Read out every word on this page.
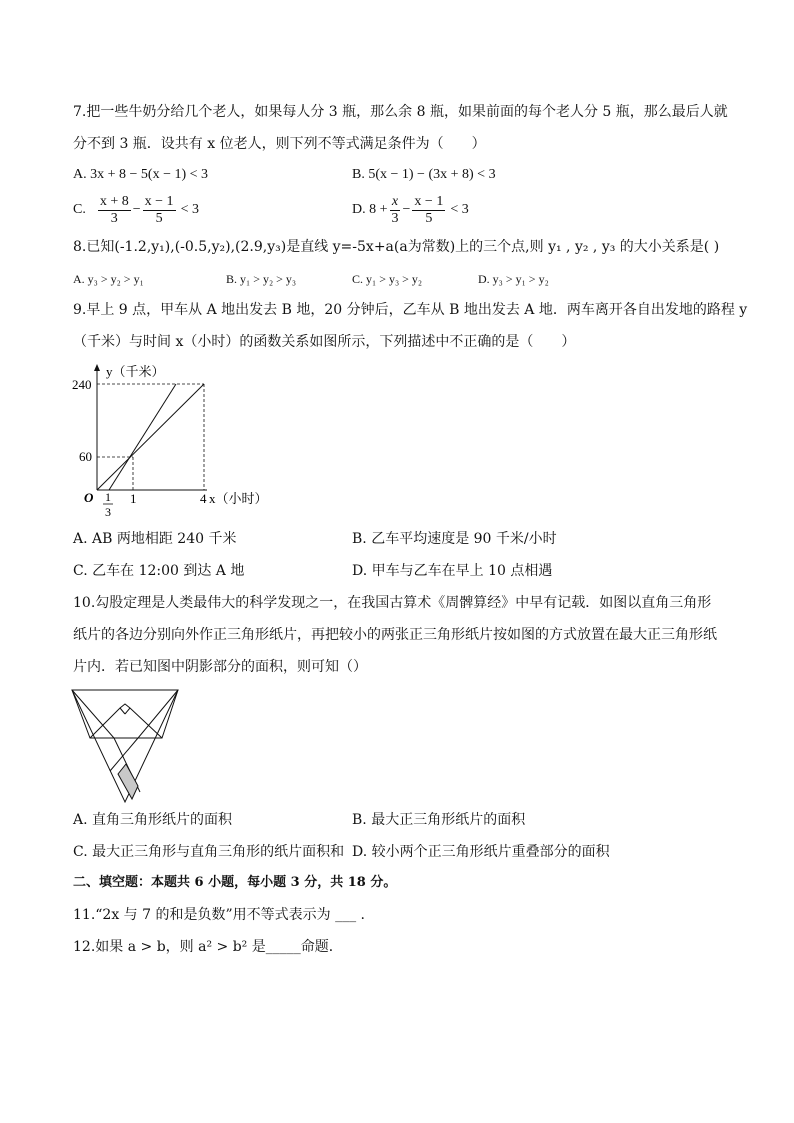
7.把一些牛奶分给几个老人，如果每人分 3 瓶，那么余 8 瓶，如果前面的每个老人分 5 瓶，那么最后人就
分不到 3 瓶．设共有 x 位老人，则下列不等式满足条件为（　　）
A. 3x + 8 − 5(x − 1) < 3	B. 5(x − 1) − (3x + 8) < 3
C. $\frac{x + 8}{3} - \frac{x - 1}{5} < 3$	D. $8 + \frac{x}{3} - \frac{x - 1}{5} < 3$
8.已知(-1.2,y₁),(-0.5,y₂),(2.9,y₃)是直线 y=-5x+a(a为常数)上的三个点,则 y₁ , y₂ , y₃ 的大小关系是( )
A. y₃ > y₂ > y₁	B. y₁ > y₂ > y₃	C. y₁ > y₃ > y₂	D. y₃ > y₁ > y₂
9.早上 9 点，甲车从 A 地出发去 B 地，20 分钟后，乙车从 B 地出发去 A 地．两车离开各自出发地的路程 y
（千米）与时间 x（小时）的函数关系如图所示，下列描述中不正确的是（　　）
y（千米）
240
60
O 1
3
1	4 x（小时）
A. AB 两地相距 240 千米	B. 乙车平均速度是 90 千米/小时
C. 乙车在 12:00 到达 A 地	D. 甲车与乙车在早上 10 点相遇
10.勾股定理是人类最伟大的科学发现之一，在我国古算术《周髀算经》中早有记载．如图以直角三角形
纸片的各边分别向外作正三角形纸片，再把较小的两张正三角形纸片按如图的方式放置在最大正三角形纸
片内．若已知图中阴影部分的面积，则可知（）
A. 直角三角形纸片的面积	B. 最大正三角形纸片的面积
C. 最大正三角形与直角三角形的纸片面积和 D. 较小两个正三角形纸片重叠部分的面积
二、填空题：本题共 6 小题，每小题 3 分，共 18 分。
11.“2x 与 7 的和是负数”用不等式表示为 ___ .
12.如果 a > b，则 a² > b² 是_____命题．
